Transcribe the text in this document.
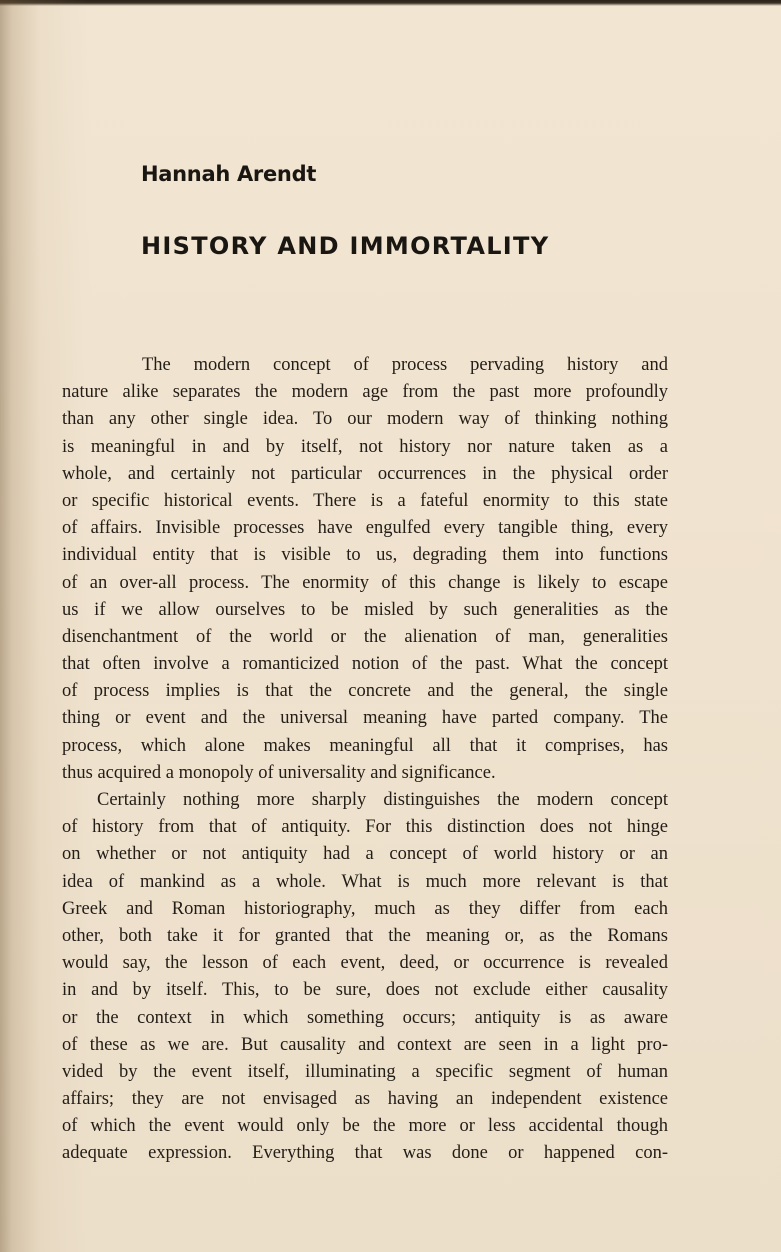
Hannah Arendt
HISTORY AND IMMORTALITY
The modern concept of process pervading history and
nature alike separates the modern age from the past more profoundly
than any other single idea. To our modern way of thinking nothing
is meaningful in and by itself, not history nor nature taken as a
whole, and certainly not particular occurrences in the physical order
or specific historical events. There is a fateful enormity to this state
of affairs. Invisible processes have engulfed every tangible thing, every
individual entity that is visible to us, degrading them into functions
of an over-all process. The enormity of this change is likely to escape
us if we allow ourselves to be misled by such generalities as the
disenchantment of the world or the alienation of man, generalities
that often involve a romanticized notion of the past. What the concept
of process implies is that the concrete and the general, the single
thing or event and the universal meaning have parted company. The
process, which alone makes meaningful all that it comprises, has
thus acquired a monopoly of universality and significance.
Certainly nothing more sharply distinguishes the modern concept
of history from that of antiquity. For this distinction does not hinge
on whether or not antiquity had a concept of world history or an
idea of mankind as a whole. What is much more relevant is that
Greek and Roman historiography, much as they differ from each
other, both take it for granted that the meaning or, as the Romans
would say, the lesson of each event, deed, or occurrence is revealed
in and by itself. This, to be sure, does not exclude either causality
or the context in which something occurs; antiquity is as aware
of these as we are. But causality and context are seen in a light pro-
vided by the event itself, illuminating a specific segment of human
affairs; they are not envisaged as having an independent existence
of which the event would only be the more or less accidental though
adequate expression. Everything that was done or happened con-
